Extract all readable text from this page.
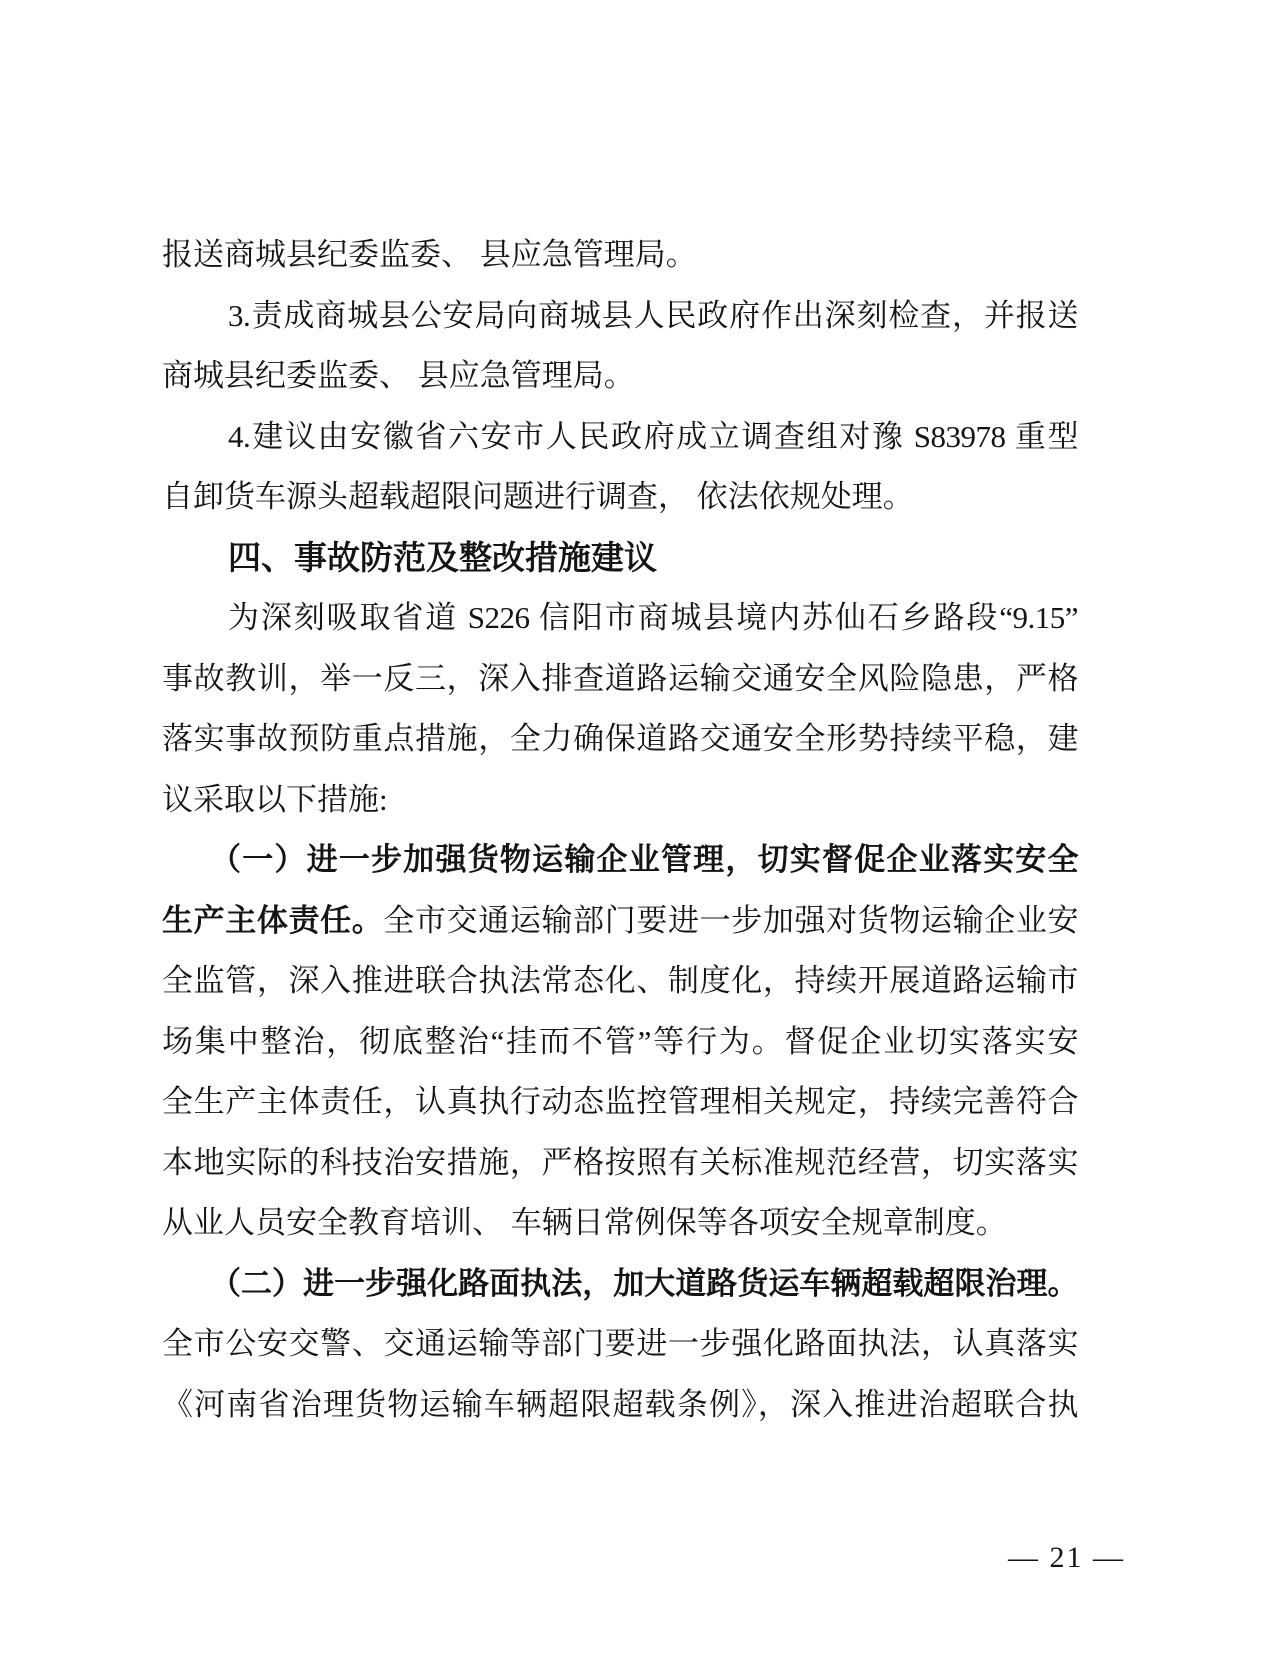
报送商城县纪委监委、 县应急管理局。
3.责成商城县公安局向商城县人民政府作出深刻检查，并报送
商城县纪委监委、 县应急管理局。
4.建议由安徽省六安市人民政府成立调查组对豫 S83978 重型
自卸货车源头超载超限问题进行调查， 依法依规处理。
四、事故防范及整改措施建议
为深刻吸取省道 S226 信阳市商城县境内苏仙石乡路段“9.15”
事故教训，举一反三，深入排查道路运输交通安全风险隐患，严格
落实事故预防重点措施，全力确保道路交通安全形势持续平稳，建
议采取以下措施:
（一）进一步加强货物运输企业管理，切实督促企业落实安全
生产主体责任。全市交通运输部门要进一步加强对货物运输企业安
全监管，深入推进联合执法常态化、制度化，持续开展道路运输市
场集中整治，彻底整治“挂而不管”等行为。督促企业切实落实安
全生产主体责任，认真执行动态监控管理相关规定，持续完善符合
本地实际的科技治安措施，严格按照有关标准规范经营，切实落实
从业人员安全教育培训、 车辆日常例保等各项安全规章制度。
（二）进一步强化路面执法，加大道路货运车辆超载超限治理。
全市公安交警、交通运输等部门要进一步强化路面执法，认真落实
《河南省治理货物运输车辆超限超载条例》，深入推进治超联合执
— 21 —
